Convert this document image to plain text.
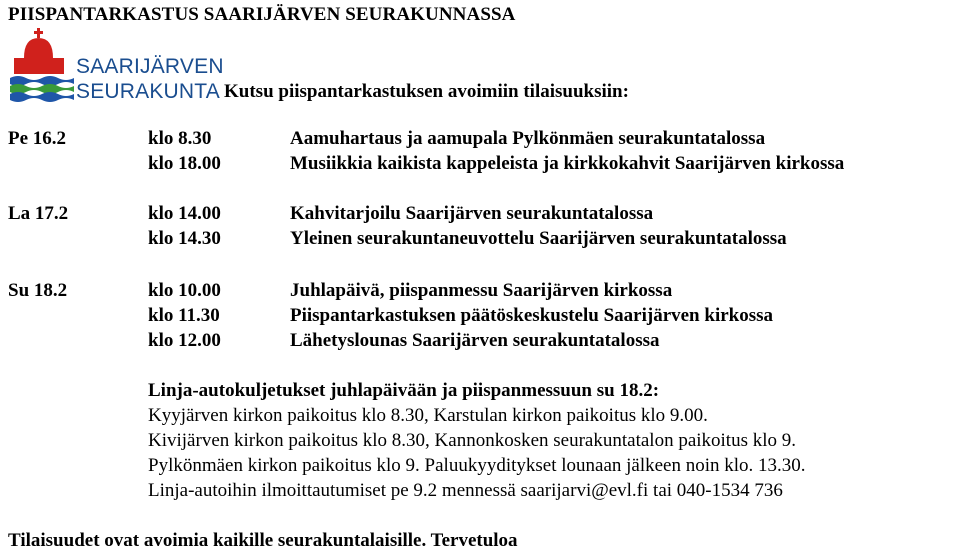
PIISPANTARKASTUS SAARIJÄRVEN SEURAKUNNASSA
SAARIJÄRVEN
SEURAKUNTA Kutsu piispantarkastuksen avoimiin tilaisuuksiin:
Pe 16.2	klo 8.30	Aamuhartaus ja aamupala Pylkönmäen seurakuntatalossa
klo 18.00	Musiikkia kaikista kappeleista ja kirkkokahvit Saarijärven kirkossa
La 17.2	klo 14.00	Kahvitarjoilu Saarijärven seurakuntatalossa
klo 14.30	Yleinen seurakuntaneuvottelu Saarijärven seurakuntatalossa
Su 18.2	klo 10.00	Juhlapäivä, piispanmessu Saarijärven kirkossa
klo 11.30	Piispantarkastuksen päätöskeskustelu Saarijärven kirkossa
klo 12.00	Lähetyslounas Saarijärven seurakuntatalossa
Linja-autokuljetukset juhlapäivään ja piispanmessuun su 18.2:
Kyyjärven kirkon paikoitus klo 8.30, Karstulan kirkon paikoitus klo 9.00.
Kivijärven kirkon paikoitus klo 8.30, Kannonkosken seurakuntatalon paikoitus klo 9.
Pylkönmäen kirkon paikoitus klo 9. Paluukyyditykset lounaan jälkeen noin klo. 13.30.
Linja-autoihin ilmoittautumiset pe 9.2 mennessä saarijarvi@evl.fi tai 040-1534 736
Tilaisuudet ovat avoimia kaikille seurakuntalaisille. Tervetuloa
